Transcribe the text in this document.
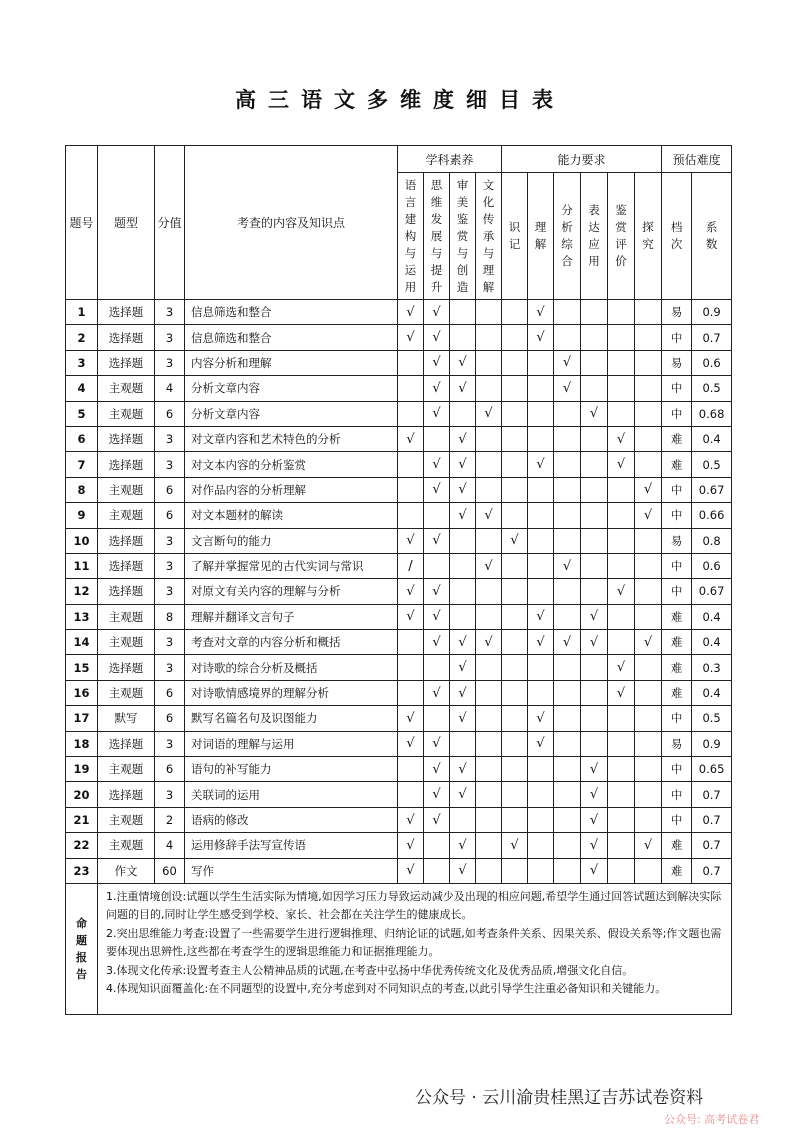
高三语文多维度细目表
题号	题型	分值	考查的内容及知识点	学科素养				能力要求						预估难度	
				语言建构与运用	思维发展与提升	审美鉴赏与创造	文化传承与理解	识记	理解	分析综合	表达应用	鉴赏评价	探究	档次	系数
1	选择题	3	信息筛选和整合	√	√				√					易	0.9
2	选择题	3	信息筛选和整合	√	√				√					中	0.7
3	选择题	3	内容分析和理解		√	√				√				易	0.6
4	主观题	4	分析文章内容		√	√				√				中	0.5
5	主观题	6	分析文章内容		√		√				√			中	0.68
6	选择题	3	对文章内容和艺术特色的分析	√		√						√		难	0.4
7	选择题	3	对文本内容的分析鉴赏		√	√			√			√		难	0.5
8	主观题	6	对作品内容的分析理解		√	√							√	中	0.67
9	主观题	6	对文本题材的解读			√	√						√	中	0.66
10	选择题	3	文言断句的能力	√	√			√						易	0.8
11	选择题	3	了解并掌握常见的古代实词与常识	/			√			√				中	0.6
12	选择题	3	对原文有关内容的理解与分析	√	√							√		中	0.67
13	主观题	8	理解并翻译文言句子	√	√				√		√			难	0.4
14	主观题	3	考查对文章的内容分析和概括		√	√	√		√	√	√		√	难	0.4
15	选择题	3	对诗歌的综合分析及概括			√						√		难	0.3
16	主观题	6	对诗歌情感境界的理解分析		√	√						√		难	0.4
17	默写	6	默写名篇名句及识图能力	√		√			√					中	0.5
18	选择题	3	对词语的理解与运用	√	√				√					易	0.9
19	主观题	6	语句的补写能力		√	√					√			中	0.65
20	选择题	3	关联词的运用		√	√					√			中	0.7
21	主观题	2	语病的修改	√	√						√			中	0.7
22	主观题	4	运用修辞手法写宣传语	√		√		√			√		√	难	0.7
23	作文	60	写作	√		√					√			难	0.7
命题报告	1.注重情境创设:试题以学生生活实际为情境,如因学习压力导致运动减少及出现的相应问题,希望学生通过回答试题达到解决实际问题的目的,同时让学生感受到学校、家长、社会都在关注学生的健康成长。

2.突出思维能力考查:设置了一些需要学生进行逻辑推理、归纳论证的试题,如考查条件关系、因果关系、假设关系等;作文题也需要体现出思辨性,这些都在考查学生的逻辑思维能力和证据推理能力。

3.体现文化传承:设置考查主人公精神品质的试题,在考查中弘扬中华优秀传统文化及优秀品质,增强文化自信。

4.体现知识面覆盖化:在不同题型的设置中,充分考虑到对不同知识点的考查,以此引导学生注重必备知识和关键能力。														

公众号 · 云川渝贵桂黑辽吉苏试卷资料
公众号: 高考试卷君
